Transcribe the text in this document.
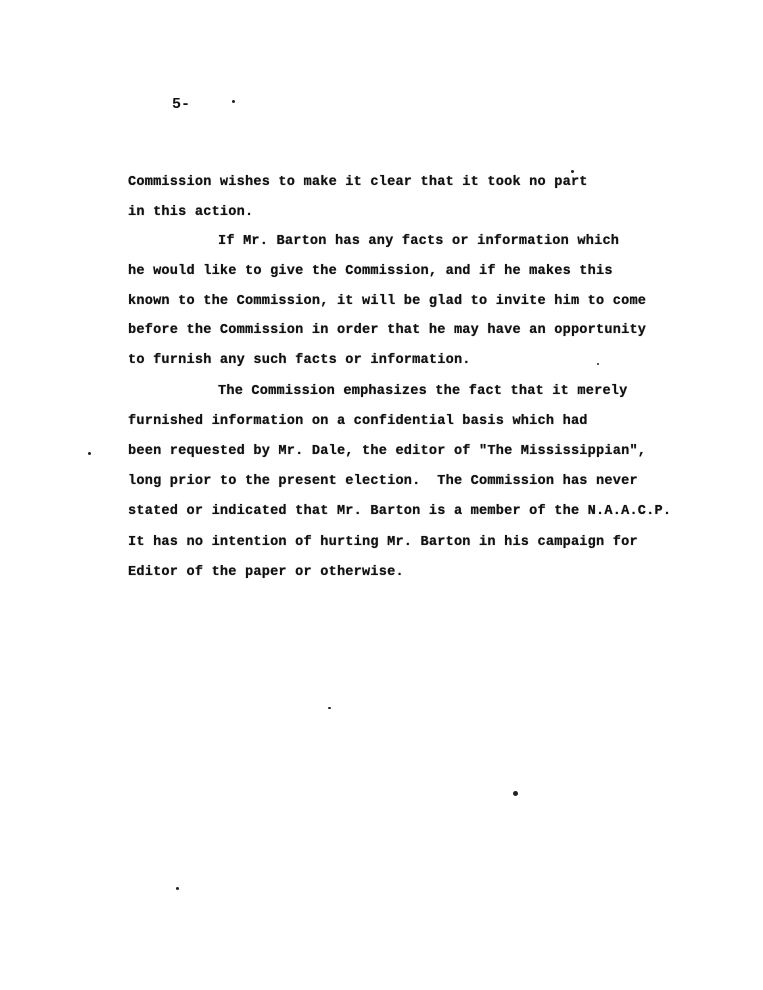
5-
Commission wishes to make it clear that it took no part
in this action.
If Mr. Barton has any facts or information which
he would like to give the Commission, and if he makes this
known to the Commission, it will be glad to invite him to come
before the Commission in order that he may have an opportunity
to furnish any such facts or information.
The Commission emphasizes the fact that it merely
furnished information on a confidential basis which had
been requested by Mr. Dale, the editor of "The Mississippian",
long prior to the present election.  The Commission has never
stated or indicated that Mr. Barton is a member of the N.A.A.C.P.
It has no intention of hurting Mr. Barton in his campaign for
Editor of the paper or otherwise.
